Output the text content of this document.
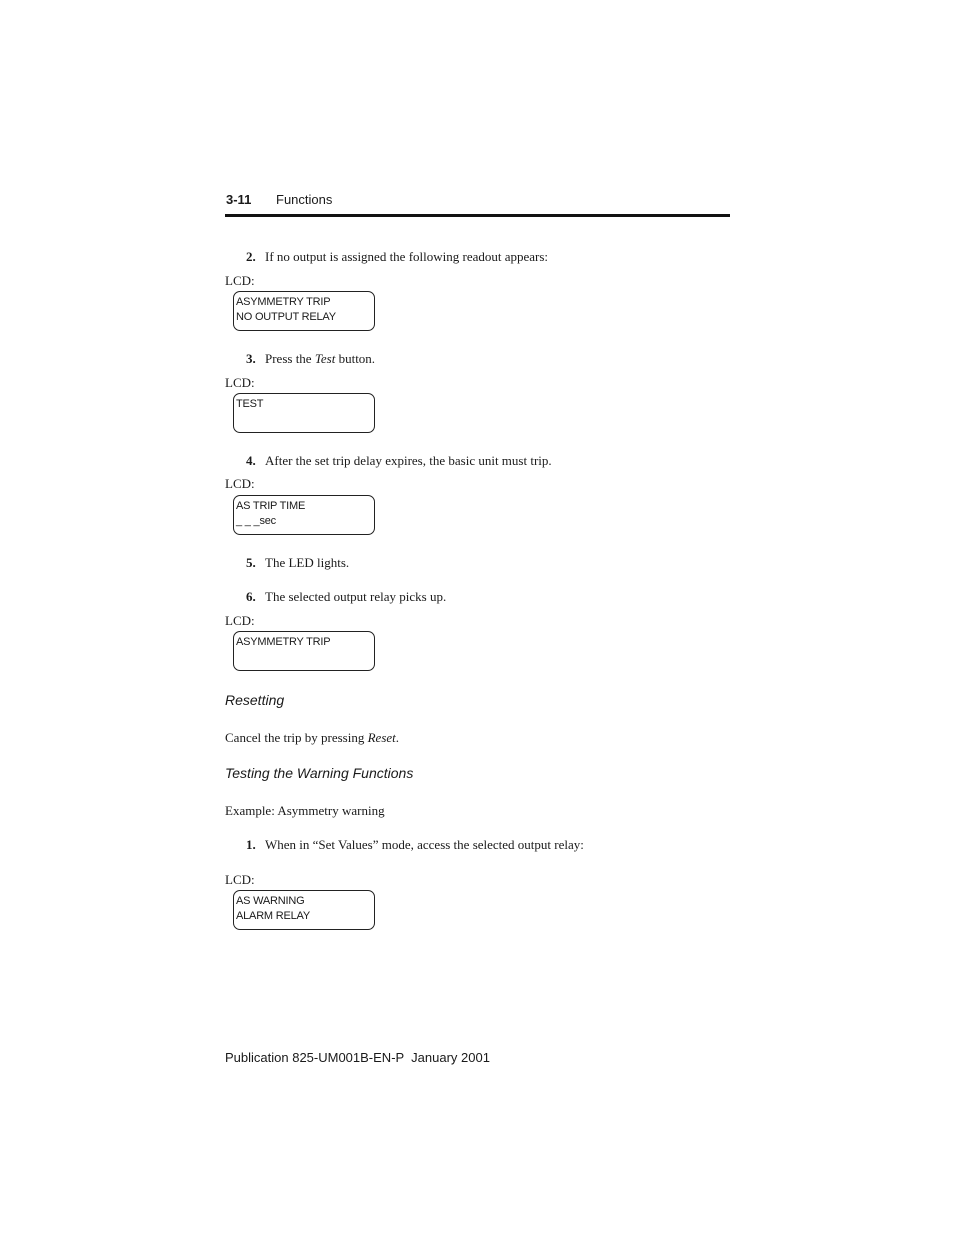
3-11 Functions
2. If no output is assigned the following readout appears:
LCD:
ASYMMETRY TRIP
NO OUTPUT RELAY
3. Press the Test button.
LCD:
TEST
4. After the set trip delay expires, the basic unit must trip.
LCD:
AS TRIP TIME
_ _ _sec
5. The LED lights.
6. The selected output relay picks up.
LCD:
ASYMMETRY TRIP
Resetting
Cancel the trip by pressing Reset.
Testing the Warning Functions
Example: Asymmetry warning
1. When in “Set Values” mode, access the selected output relay:
LCD:
AS WARNING
ALARM RELAY
Publication 825-UM001B-EN-P  January 2001
